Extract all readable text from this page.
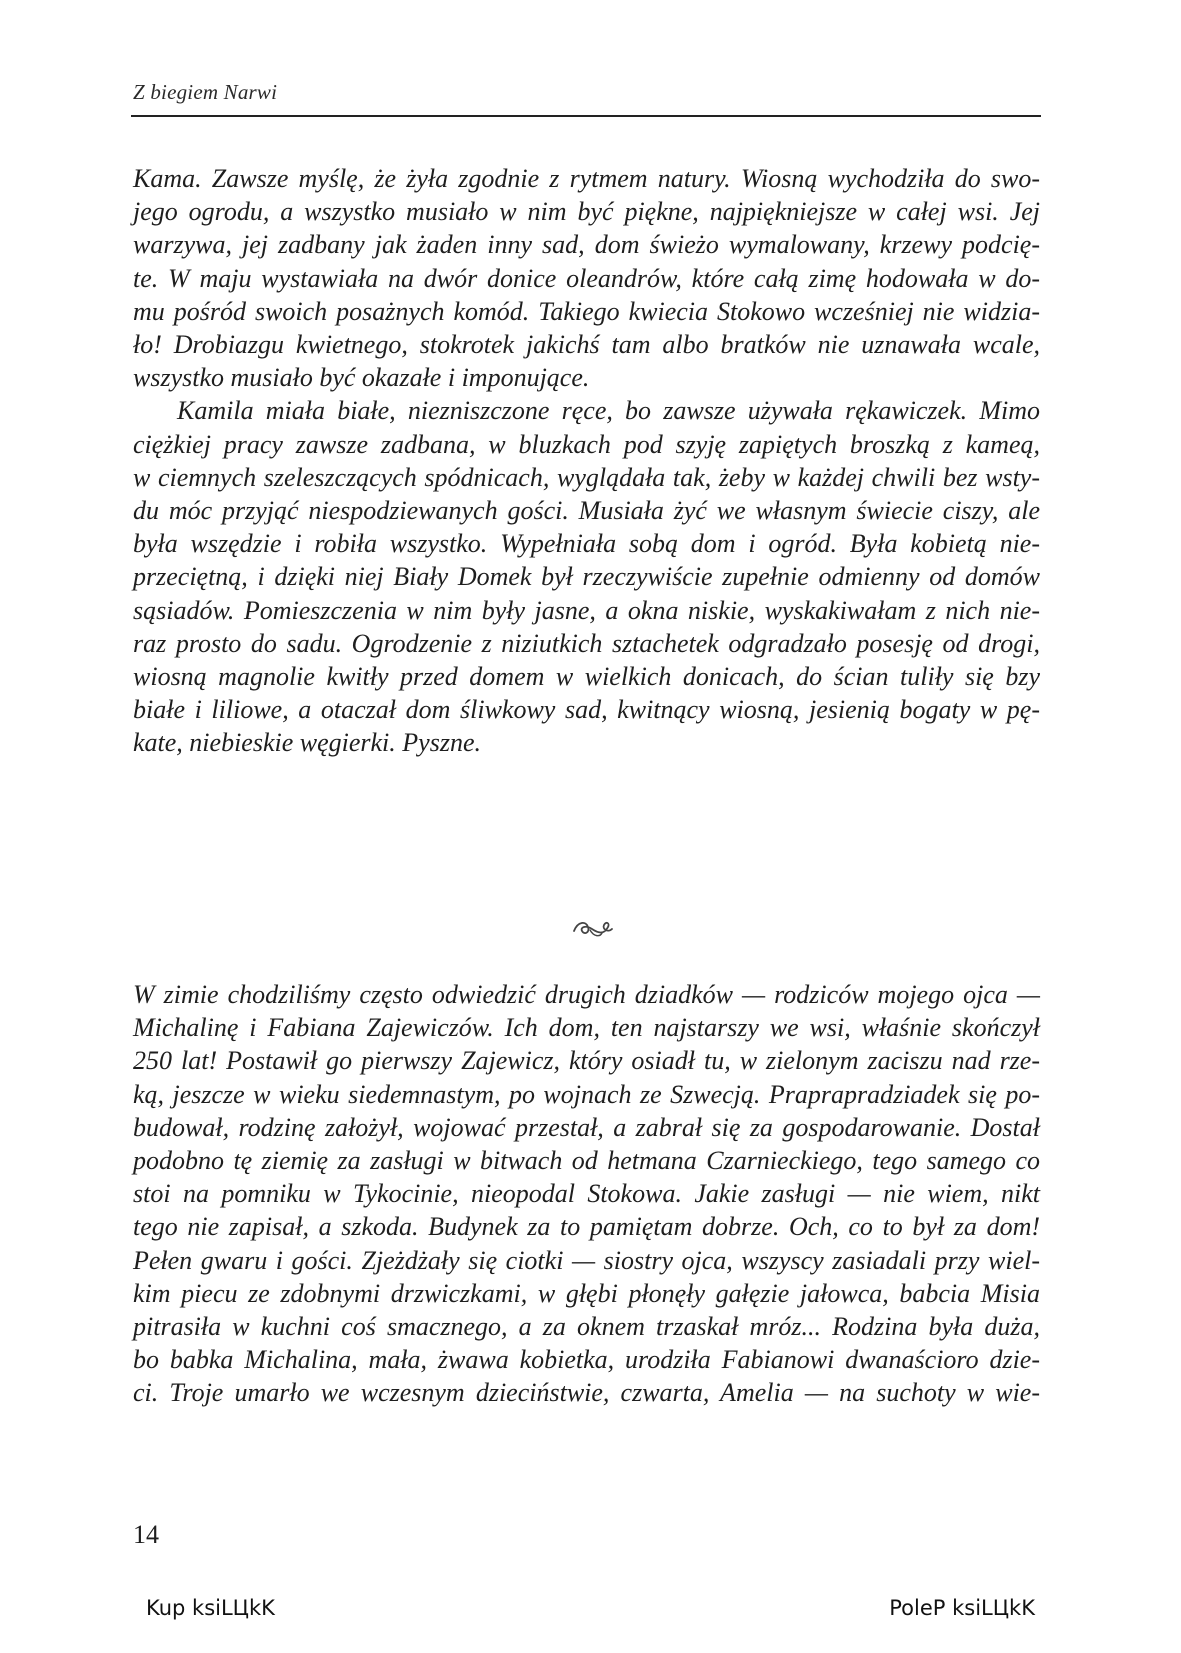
Z biegiem Narwi

Kama. Zawsze myślę, że żyła zgodnie z rytmem natury. Wiosną wychodziła do swo-
jego ogrodu, a wszystko musiało w nim być piękne, najpiękniejsze w całej wsi. Jej
warzywa, jej zadbany jak żaden inny sad, dom świeżo wymalowany, krzewy podcię-
te. W maju wystawiała na dwór donice oleandrów, które całą zimę hodowała w do-
mu pośród swoich posażnych komód. Takiego kwiecia Stokowo wcześniej nie widzia-
ło! Drobiazgu kwietnego, stokrotek jakichś tam albo bratków nie uznawała wcale,
wszystko musiało być okazałe i imponujące.

Kamila miała białe, niezniszczone ręce, bo zawsze używała rękawiczek. Mimo
ciężkiej pracy zawsze zadbana, w bluzkach pod szyję zapiętych broszką z kameą,
w ciemnych szeleszczących spódnicach, wyglądała tak, żeby w każdej chwili bez wsty-
du móc przyjąć niespodziewanych gości. Musiała żyć we własnym świecie ciszy, ale
była wszędzie i robiła wszystko. Wypełniała sobą dom i ogród. Była kobietą nie-
przeciętną, i dzięki niej Biały Domek był rzeczywiście zupełnie odmienny od domów
sąsiadów. Pomieszczenia w nim były jasne, a okna niskie, wyskakiwałam z nich nie-
raz prosto do sadu. Ogrodzenie z niziutkich sztachetek odgradzało posesję od drogi,
wiosną magnolie kwitły przed domem w wielkich donicach, do ścian tuliły się bzy
białe i liliowe, a otaczał dom śliwkowy sad, kwitnący wiosną, jesienią bogaty w pę-
kate, niebieskie węgierki. Pyszne.

W zimie chodziliśmy często odwiedzić drugich dziadków — rodziców mojego ojca —
Michalinę i Fabiana Zajewiczów. Ich dom, ten najstarszy we wsi, właśnie skończył
250 lat! Postawił go pierwszy Zajewicz, który osiadł tu, w zielonym zaciszu nad rze-
ką, jeszcze w wieku siedemnastym, po wojnach ze Szwecją. Praprapradziadek się po-
budował, rodzinę założył, wojować przestał, a zabrał się za gospodarowanie. Dostał
podobno tę ziemię za zasługi w bitwach od hetmana Czarnieckiego, tego samego co
stoi na pomniku w Tykocinie, nieopodal Stokowa. Jakie zasługi — nie wiem, nikt
tego nie zapisał, a szkoda. Budynek za to pamiętam dobrze. Och, co to był za dom!
Pełen gwaru i gości. Zjeżdżały się ciotki — siostry ojca, wszyscy zasiadali przy wiel-
kim piecu ze zdobnymi drzwiczkami, w głębi płonęły gałęzie jałowca, babcia Misia
pitrasiła w kuchni coś smacznego, a za oknem trzaskał mróz... Rodzina była duża,
bo babka Michalina, mała, żwawa kobietka, urodziła Fabianowi dwanaścioro dzie-
ci. Troje umarło we wczesnym dzieciństwie, czwarta, Amelia — na suchoty w wie-

14
Kup ksiLЦkK	PoleP ksiLЦkK
